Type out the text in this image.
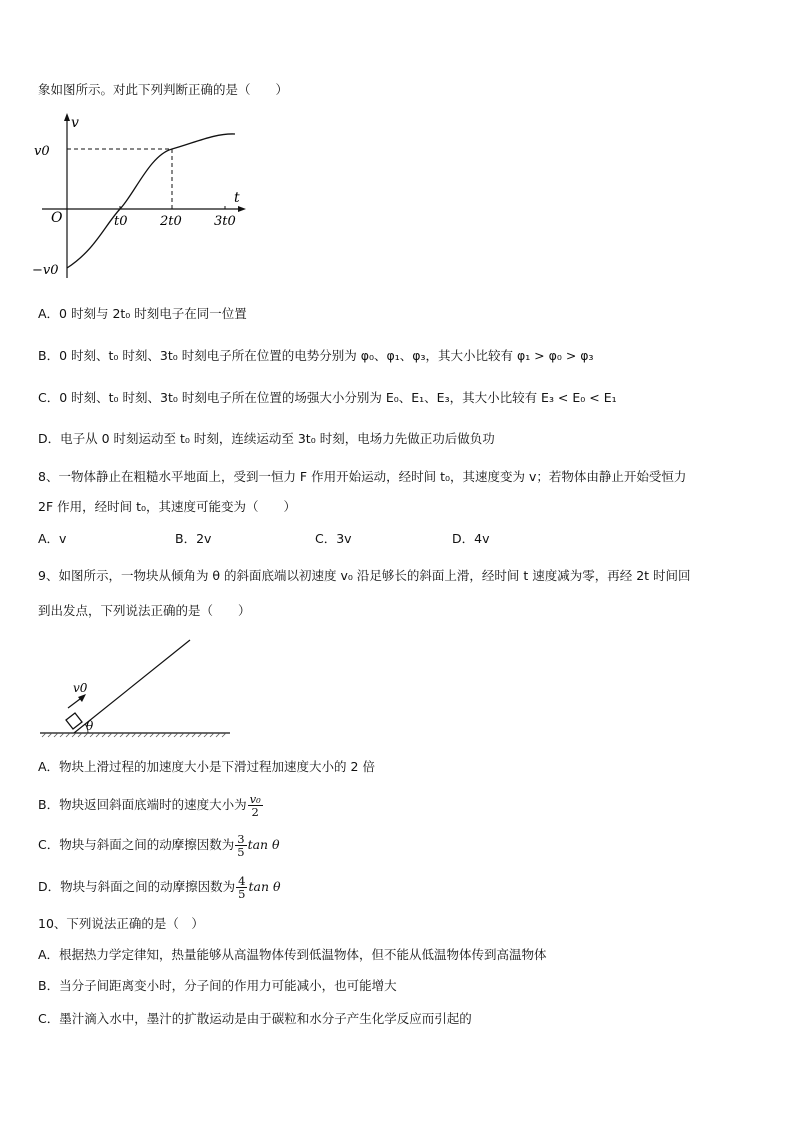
象如图所示。对此下列判断正确的是（　　）
v
t
O
v0
−v0
t0	2t0 3t0
A．0 时刻与 2t₀ 时刻电子在同一位置
B．0 时刻、t₀ 时刻、3t₀ 时刻电子所在位置的电势分别为 φ₀、φ₁、φ₃，其大小比较有 φ₁ > φ₀ > φ₃
C．0 时刻、t₀ 时刻、3t₀ 时刻电子所在位置的场强大小分别为 E₀、E₁、E₃，其大小比较有 E₃ < E₀ < E₁
D．电子从 0 时刻运动至 t₀ 时刻，连续运动至 3t₀ 时刻，电场力先做正功后做负功
8、一物体静止在粗糙水平地面上，受到一恒力 F 作用开始运动，经时间 t₀，其速度变为 v；若物体由静止开始受恒力
2F 作用，经时间 t₀，其速度可能变为（　　）
A．v	B．2v	C．3v	D．4v
9、如图所示，一物块从倾角为 θ 的斜面底端以初速度 v₀ 沿足够长的斜面上滑，经时间 t 速度减为零，再经 2t 时间回
到出发点，下列说法正确的是（　　）
v0
θ
A．物块上滑过程的加速度大小是下滑过程加速度大小的 2 倍
B．物块返回斜面底端时的速度大小为 $\frac{\text{v₀}}{2}$
C．物块与斜面之间的动摩擦因数为 $\frac{3}{5}$ tan θ
D．物块与斜面之间的动摩擦因数为 $\frac{4}{5}$ tan θ
10、下列说法正确的是（　）
A．根据热力学定律知，热量能够从高温物体传到低温物体，但不能从低温物体传到高温物体
B．当分子间距离变小时，分子间的作用力可能减小，也可能增大
C．墨汁滴入水中，墨汁的扩散运动是由于碳粒和水分子产生化学反应而引起的
